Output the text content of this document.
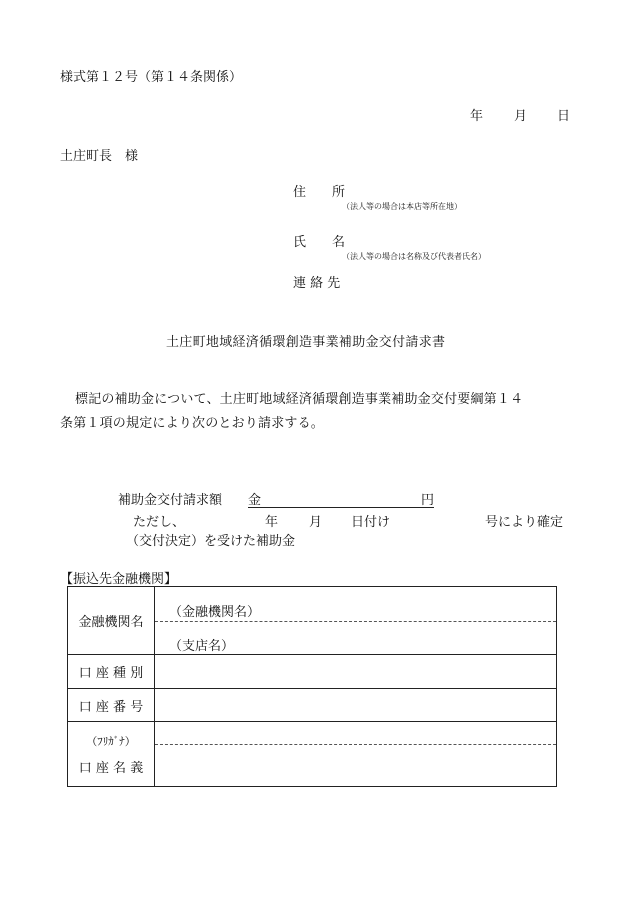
様式第１２号（第１４条関係）
年 月 日
土庄町長　様
住　　所
（法人等の場合は本店等所在地）
氏　　名
（法人等の場合は名称及び代表者氏名）
連 絡 先
土庄町地域経済循環創造事業補助金交付請求書
標記の補助金について、土庄町地域経済循環創造事業補助金交付要綱第１４
条第１項の規定により次のとおり請求する。
補助金交付請求額 金	円
ただし、	年 月 日付け	号により確定
（交付決定）を受けた補助金
【振込先金融機関】
金融機関名	（金融機関名）
（支店名）

口 座 種 別	
口 座 番 号	

（ﾌﾘｶﾞﾅ）
口 座 名 義	
